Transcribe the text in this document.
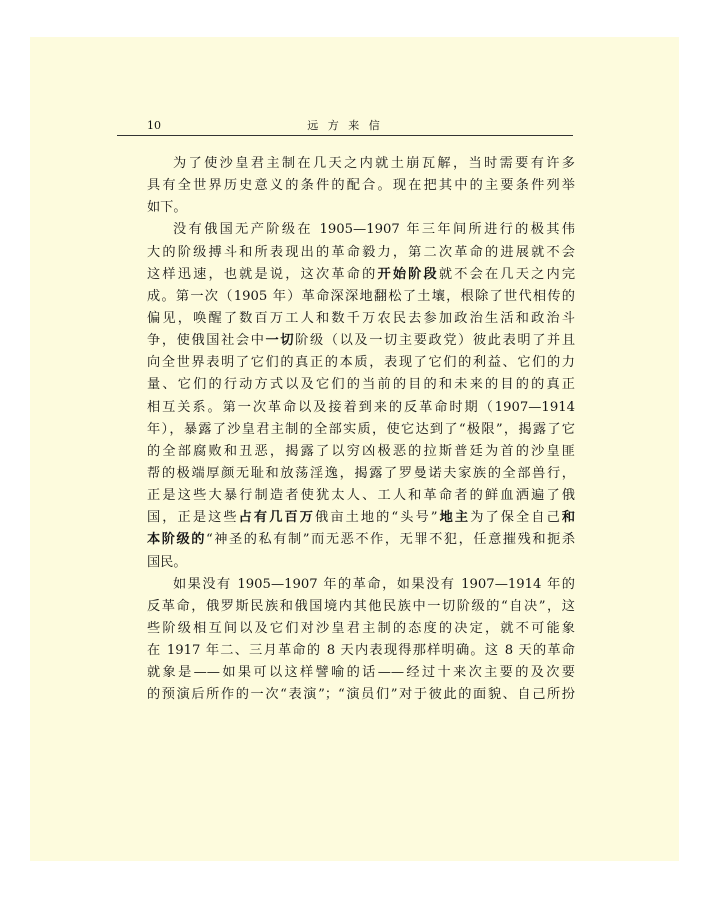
10	远 方 来 信
为了使沙皇君主制在几天之内就土崩瓦解，当时需要有许多
具有全世界历史意义的条件的配合。现在把其中的主要条件列举
如下。
没有俄国无产阶级在 1905—1907 年三年间所进行的极其伟
大的阶级搏斗和所表现出的革命毅力，第二次革命的进展就不会
这样迅速，也就是说，这次革命的开始阶段就不会在几天之内完
成。第一次（1905 年）革命深深地翻松了土壤，根除了世代相传的
偏见，唤醒了数百万工人和数千万农民去参加政治生活和政治斗
争，使俄国社会中一切阶级（以及一切主要政党）彼此表明了并且
向全世界表明了它们的真正的本质，表现了它们的利益、它们的力
量、它们的行动方式以及它们的当前的目的和未来的目的的真正
相互关系。第一次革命以及接着到来的反革命时期（1907—1914
年），暴露了沙皇君主制的全部实质，使它达到了“极限”，揭露了它
的全部腐败和丑恶，揭露了以穷凶极恶的拉斯普廷为首的沙皇匪
帮的极端厚颜无耻和放荡淫逸，揭露了罗曼诺夫家族的全部兽行，
正是这些大暴行制造者使犹太人、工人和革命者的鲜血洒遍了俄
国，正是这些占有几百万俄亩土地的“头号”地主为了保全自己和
本阶级的“神圣的私有制”而无恶不作，无罪不犯，任意摧残和扼杀
国民。
如果没有 1905—1907 年的革命，如果没有 1907—1914 年的
反革命，俄罗斯民族和俄国境内其他民族中一切阶级的“自决”，这
些阶级相互间以及它们对沙皇君主制的态度的决定，就不可能象
在 1917 年二、三月革命的 8 天内表现得那样明确。这 8 天的革命
就象是——如果可以这样譬喻的话——经过十来次主要的及次要
的预演后所作的一次“表演”；“演员们”对于彼此的面貌、自己所扮
